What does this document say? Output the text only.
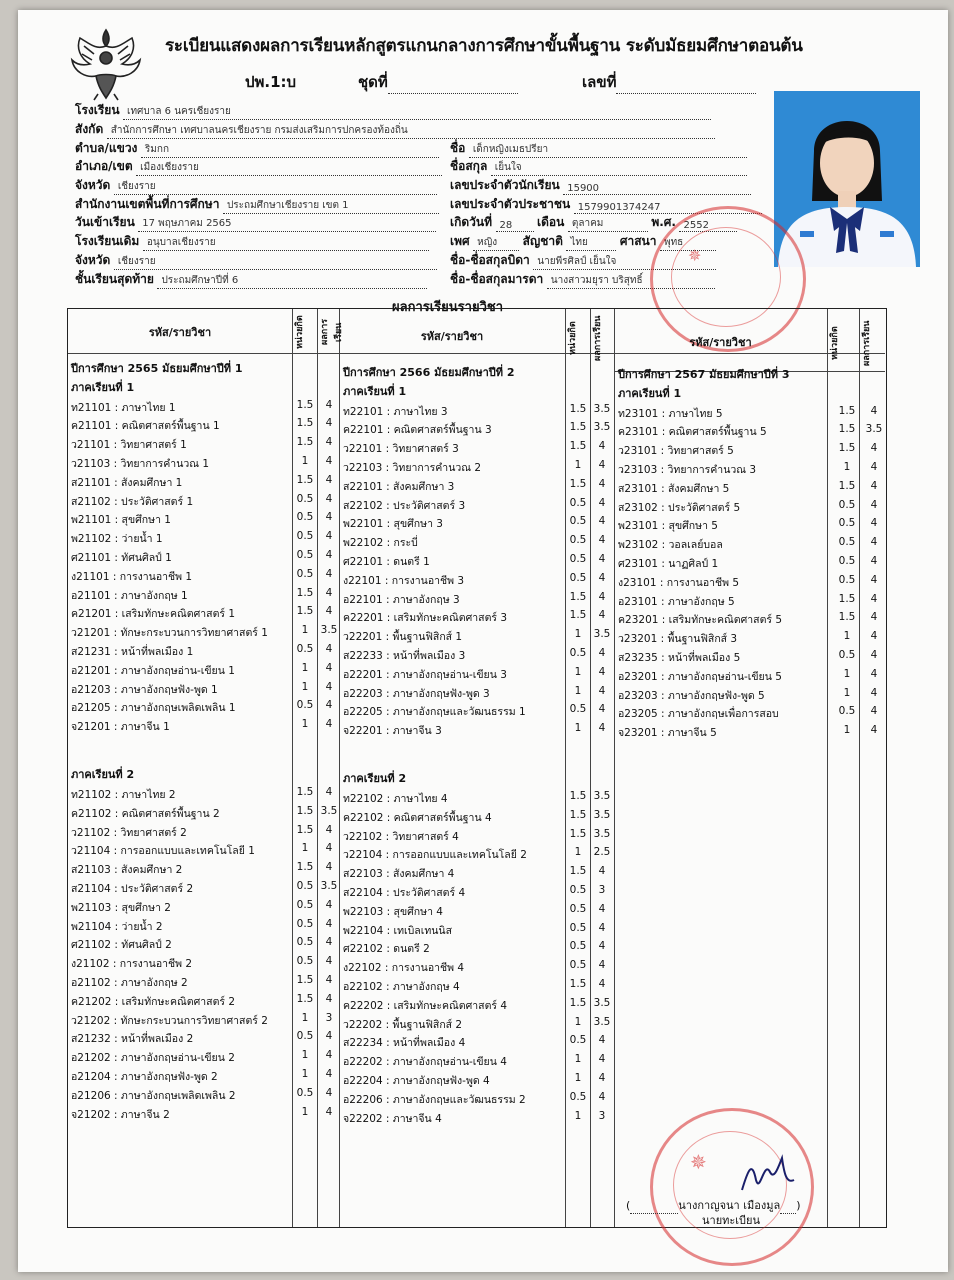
ระเบียนแสดงผลการเรียนหลักสูตรแกนกลางการศึกษาขั้นพื้นฐาน ระดับมัธยมศึกษาตอนต้น
ปพ.1:บ	ชุดที่	เลขที่
โรงเรียน เทศบาล 6 นครเชียงราย
สังกัด สำนักการศึกษา เทศบาลนครเชียงราย กรมส่งเสริมการปกครองท้องถิ่น
ตำบล/แขวง ริมกก
อำเภอ/เขต เมืองเชียงราย
จังหวัด เชียงราย
สำนักงานเขตพื้นที่การศึกษา ประถมศึกษาเชียงราย เขต 1
วันเข้าเรียน 17 พฤษภาคม 2565
โรงเรียนเดิม อนุบาลเชียงราย
จังหวัด เชียงราย
ชั้นเรียนสุดท้าย ประถมศึกษาปีที่ 6
ชื่อ เด็กหญิงเมธปรียา
ชื่อสกุล เย็นใจ
เลขประจำตัวนักเรียน 15900
เลขประจำตัวประชาชน 1579901374247
เกิดวันที่ 28 เดือน ตุลาคม	พ.ศ. 2552
เพศ หญิง สัญชาติ ไทย	ศาสนา พุทธ
ชื่อ-ชื่อสกุลบิดา นายพีรศิลป์ เย็นใจ
ชื่อ-ชื่อสกุลมารดา นางสาวมยุรา บริสุทธิ์
✵
ผลการเรียนรายวิชา
รหัส/รายวิชา	หน่วยกิต	ผลการเรียน	รหัส/รายวิชา	หน่วยกิต	ผลการเรียน	รหัส/รายวิชา	หน่วยกิต	ผลการเรียน
ปีการศึกษา 2565 มัธยมศึกษาปีที่ 1
ภาคเรียนที่ 1
ท21101 : ภาษาไทย 1	1.5	4
ค21101 : คณิตศาสตร์พื้นฐาน 1	1.5	4
ว21101 : วิทยาศาสตร์ 1	1.5	4
ว21103 : วิทยาการคำนวณ 1	1	4
ส21101 : สังคมศึกษา 1	1.5	4
ส21102 : ประวัติศาสตร์ 1	0.5	4
พ21101 : สุขศึกษา 1	0.5	4
พ21102 : ว่ายน้ำ 1	0.5	4
ศ21101 : ทัศนศิลป์ 1	0.5	4
ง21101 : การงานอาชีพ 1	0.5	4
อ21101 : ภาษาอังกฤษ 1	1.5	4
ค21201 : เสริมทักษะคณิตศาสตร์ 1	1.5	4
ว21201 : ทักษะกระบวนการวิทยาศาสตร์ 1	1	3.5
ส21231 : หน้าที่พลเมือง 1	0.5	4
อ21201 : ภาษาอังกฤษอ่าน-เขียน 1	1	4
อ21203 : ภาษาอังกฤษฟัง-พูด 1	1	4
อ21205 : ภาษาอังกฤษเพลิดเพลิน 1	0.5	4
จ21201 : ภาษาจีน 1	1	4
ภาคเรียนที่ 2
ท21102 : ภาษาไทย 2	1.5	4
ค21102 : คณิตศาสตร์พื้นฐาน 2	1.5 3.5
ว21102 : วิทยาศาสตร์ 2	1.5	4
ว21104 : การออกแบบและเทคโนโลยี 1	1	4
ส21103 : สังคมศึกษา 2	1.5	4
ส21104 : ประวัติศาสตร์ 2	0.5 3.5
พ21103 : สุขศึกษา 2	0.5	4
พ21104 : ว่ายน้ำ 2	0.5	4
ศ21102 : ทัศนศิลป์ 2	0.5	4
ง21102 : การงานอาชีพ 2	0.5	4
อ21102 : ภาษาอังกฤษ 2	1.5	4
ค21202 : เสริมทักษะคณิตศาสตร์ 2	1.5	4
ว21202 : ทักษะกระบวนการวิทยาศาสตร์ 2	1	3
ส21232 : หน้าที่พลเมือง 2	0.5	4
อ21202 : ภาษาอังกฤษอ่าน-เขียน 2	1	4
อ21204 : ภาษาอังกฤษฟัง-พูด 2	1	4
อ21206 : ภาษาอังกฤษเพลิดเพลิน 2	0.5	4
จ21202 : ภาษาจีน 2	1	4
ปีการศึกษา 2566 มัธยมศึกษาปีที่ 2
ภาคเรียนที่ 1
ท22101 : ภาษาไทย 3	1.5 3.5
ค22101 : คณิตศาสตร์พื้นฐาน 3	1.5 3.5
ว22101 : วิทยาศาสตร์ 3	1.5	4
ว22103 : วิทยาการคำนวณ 2	1	4
ส22101 : สังคมศึกษา 3	1.5	4
ส22102 : ประวัติศาสตร์ 3	0.5	4
พ22101 : สุขศึกษา 3	0.5	4
พ22102 : กระบี่	0.5	4
ศ22101 : ดนตรี 1	0.5	4
ง22101 : การงานอาชีพ 3	0.5	4
อ22101 : ภาษาอังกฤษ 3	1.5	4
ค22201 : เสริมทักษะคณิตศาสตร์ 3	1.5	4
ว22201 : พื้นฐานฟิสิกส์ 1	1	3.5
ส22233 : หน้าที่พลเมือง 3	0.5	4
อ22201 : ภาษาอังกฤษอ่าน-เขียน 3	1	4
อ22203 : ภาษาอังกฤษฟัง-พูด 3	1	4
อ22205 : ภาษาอังกฤษและวัฒนธรรม 1	0.5	4
จ22201 : ภาษาจีน 3	1	4
ภาคเรียนที่ 2
ท22102 : ภาษาไทย 4	1.5 3.5
ค22102 : คณิตศาสตร์พื้นฐาน 4	1.5 3.5
ว22102 : วิทยาศาสตร์ 4	1.5 3.5
ว22104 : การออกแบบและเทคโนโลยี 2	1	2.5
ส22103 : สังคมศึกษา 4	1.5	4
ส22104 : ประวัติศาสตร์ 4	0.5	3
พ22103 : สุขศึกษา 4	0.5	4
พ22104 : เทเบิลเทนนิส	0.5	4
ศ22102 : ดนตรี 2	0.5	4
ง22102 : การงานอาชีพ 4	0.5	4
อ22102 : ภาษาอังกฤษ 4	1.5	4
ค22202 : เสริมทักษะคณิตศาสตร์ 4	1.5 3.5
ว22202 : พื้นฐานฟิสิกส์ 2	1	3.5
ส22234 : หน้าที่พลเมือง 4	0.5	4
อ22202 : ภาษาอังกฤษอ่าน-เขียน 4	1	4
อ22204 : ภาษาอังกฤษฟัง-พูด 4	1	4
อ22206 : ภาษาอังกฤษและวัฒนธรรม 2	0.5	4
จ22202 : ภาษาจีน 4	1	3
ปีการศึกษา 2567 มัธยมศึกษาปีที่ 3
ภาคเรียนที่ 1
ท23101 : ภาษาไทย 5	1.5	4
ค23101 : คณิตศาสตร์พื้นฐาน 5	1.5 3.5
ว23101 : วิทยาศาสตร์ 5	1.5	4
ว23103 : วิทยาการคำนวณ 3	1	4
ส23101 : สังคมศึกษา 5	1.5	4
ส23102 : ประวัติศาสตร์ 5	0.5	4
พ23101 : สุขศึกษา 5	0.5	4
พ23102 : วอลเลย์บอล	0.5	4
ศ23101 : นาฏศิลป์ 1	0.5	4
ง23101 : การงานอาชีพ 5	0.5	4
อ23101 : ภาษาอังกฤษ 5	1.5	4
ค23201 : เสริมทักษะคณิตศาสตร์ 5	1.5	4
ว23201 : พื้นฐานฟิสิกส์ 3	1	4
ส23235 : หน้าที่พลเมือง 5	0.5	4
อ23201 : ภาษาอังกฤษอ่าน-เขียน 5	1	4
อ23203 : ภาษาอังกฤษฟัง-พูด 5	1	4
อ23205 : ภาษาอังกฤษเพื่อการสอบ	0.5	4
จ23201 : ภาษาจีน 5	1	4
✵
(	นางกาญจนา เมืองมูล )
นายทะเบียน
